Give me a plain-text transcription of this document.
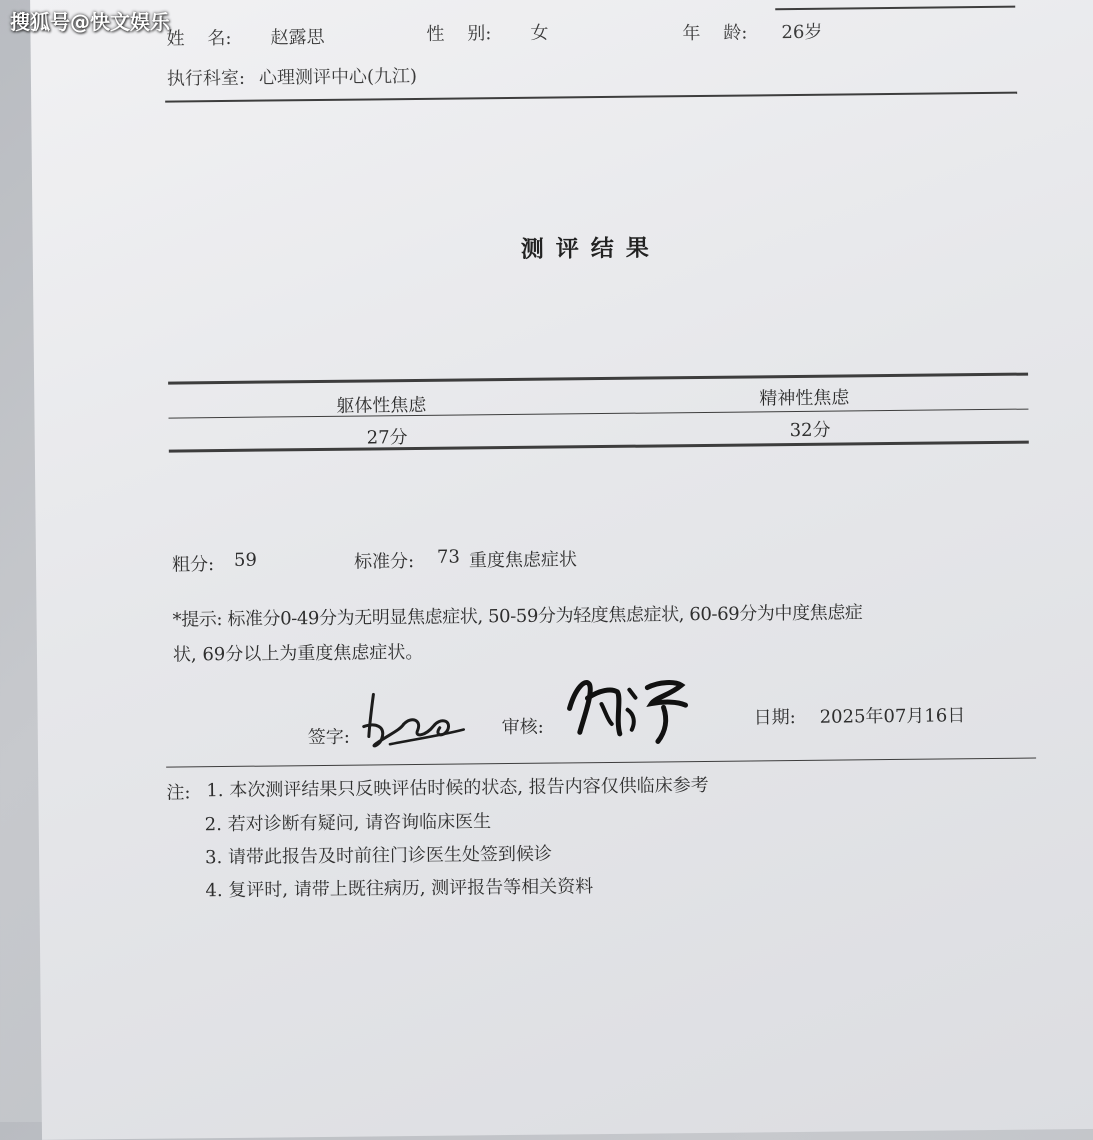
搜狐号@快文娱乐
姓    名: 赵露思	性    别: 女	年    龄: 26岁
执行科室: 心理测评中心(九江)
测评结果
躯体性焦虑	精神性焦虑
27分	32分
粗分: 59	标准分: 73 重度焦虑症状
*提示: 标准分0-49分为无明显焦虑症状, 50-59分为轻度焦虑症状, 60-69分为中度焦虑症
状, 69分以上为重度焦虑症状。
签字:	审核:	日期: 2025年07月16日
注: 1. 本次测评结果只反映评估时候的状态, 报告内容仅供临床参考
2. 若对诊断有疑问, 请咨询临床医生
3. 请带此报告及时前往门诊医生处签到候诊
4. 复评时, 请带上既往病历, 测评报告等相关资料
